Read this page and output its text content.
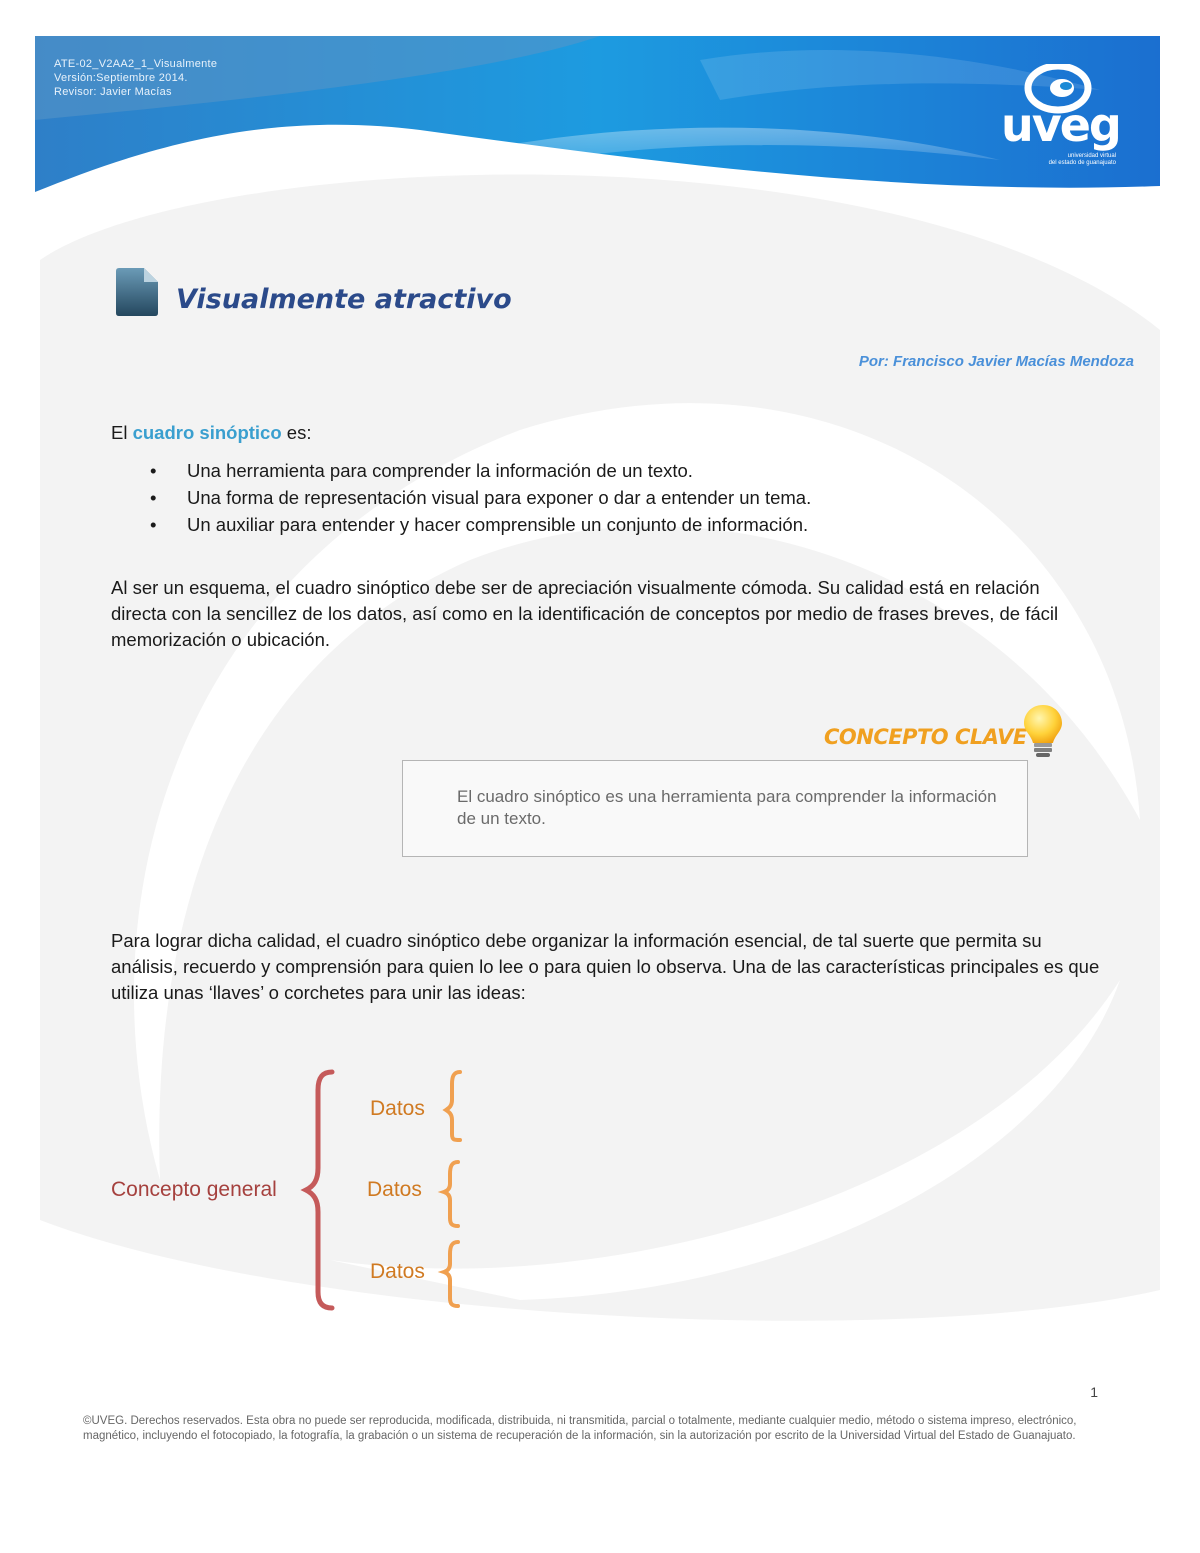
ATE-02_V2AA2_1_Visualmente
Versión:Septiembre 2014.
Revisor: Javier Macías
uveg
universidad virtual
del estado de guanajuato
Visualmente atractivo
Por: Francisco Javier Macías Mendoza
El cuadro sinóptico es:
• Una herramienta para comprender la información de un texto.
• Una forma de representación visual para exponer o dar a entender un tema.
• Un auxiliar para entender y hacer comprensible un conjunto de información.
Al ser un esquema, el cuadro sinóptico debe ser de apreciación visualmente cómoda. Su calidad está en relación directa con la sencillez de los datos, así como en la identificación de conceptos por medio de frases breves, de fácil memorización o ubicación.
CONCEPTO CLAVE
El cuadro sinóptico es una herramienta para comprender la información de un texto.
Para lograr dicha calidad, el cuadro sinóptico debe organizar la información esencial, de tal suerte que permita su análisis, recuerdo y comprensión para quien lo lee o para quien lo observa. Una de las características principales es que utiliza unas ‘llaves’ o corchetes para unir las ideas:
Concepto general
Datos
Datos
Datos
1
©UVEG. Derechos reservados. Esta obra no puede ser reproducida, modificada, distribuida, ni transmitida, parcial o totalmente, mediante cualquier medio, método o sistema impreso, electrónico, magnético, incluyendo el fotocopiado, la fotografía, la grabación o un sistema de recuperación de la información, sin la autorización por escrito de la Universidad Virtual del Estado de Guanajuato.
